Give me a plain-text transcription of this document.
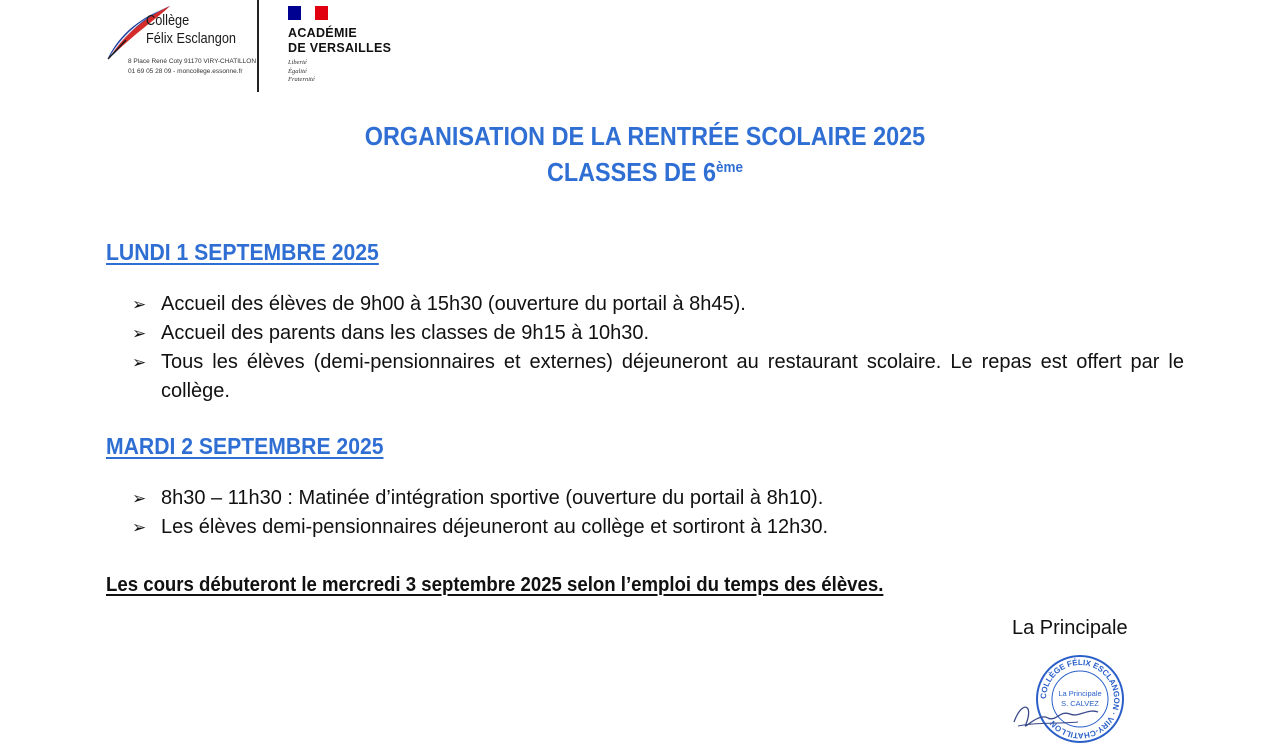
Collège
Félix Esclangon
8 Place René Coty 91170 VIRY-CHATILLON
01 69 05 28 09 - moncollege.essonne.fr
ACADÉMIE
DE VERSAILLES
Liberté
Égalité
Fraternité
ORGANISATION DE LA RENTRÉE SCOLAIRE 2025
CLASSES DE 6ème
LUNDI 1 SEPTEMBRE 2025
➢ Accueil des élèves de 9h00 à 15h30 (ouverture du portail à 8h45).
➢ Accueil des parents dans les classes de 9h15 à 10h30.
➢ Tous les élèves (demi-pensionnaires et externes) déjeuneront au restaurant scolaire. Le repas est offert par le collège.
MARDI 2 SEPTEMBRE 2025
➢ 8h30 – 11h30 : Matinée d’intégration sportive (ouverture du portail à 8h10).
➢ Les élèves demi-pensionnaires déjeuneront au collège et sortiront à 12h30.
Les cours débuteront le mercredi 3 septembre 2025 selon l’emploi du temps des élèves.
La Principale
COLLÈGE FÉLIX ESCLANGON · VIRY-CHATILLON ·
La Principale
S. CALVEZ
